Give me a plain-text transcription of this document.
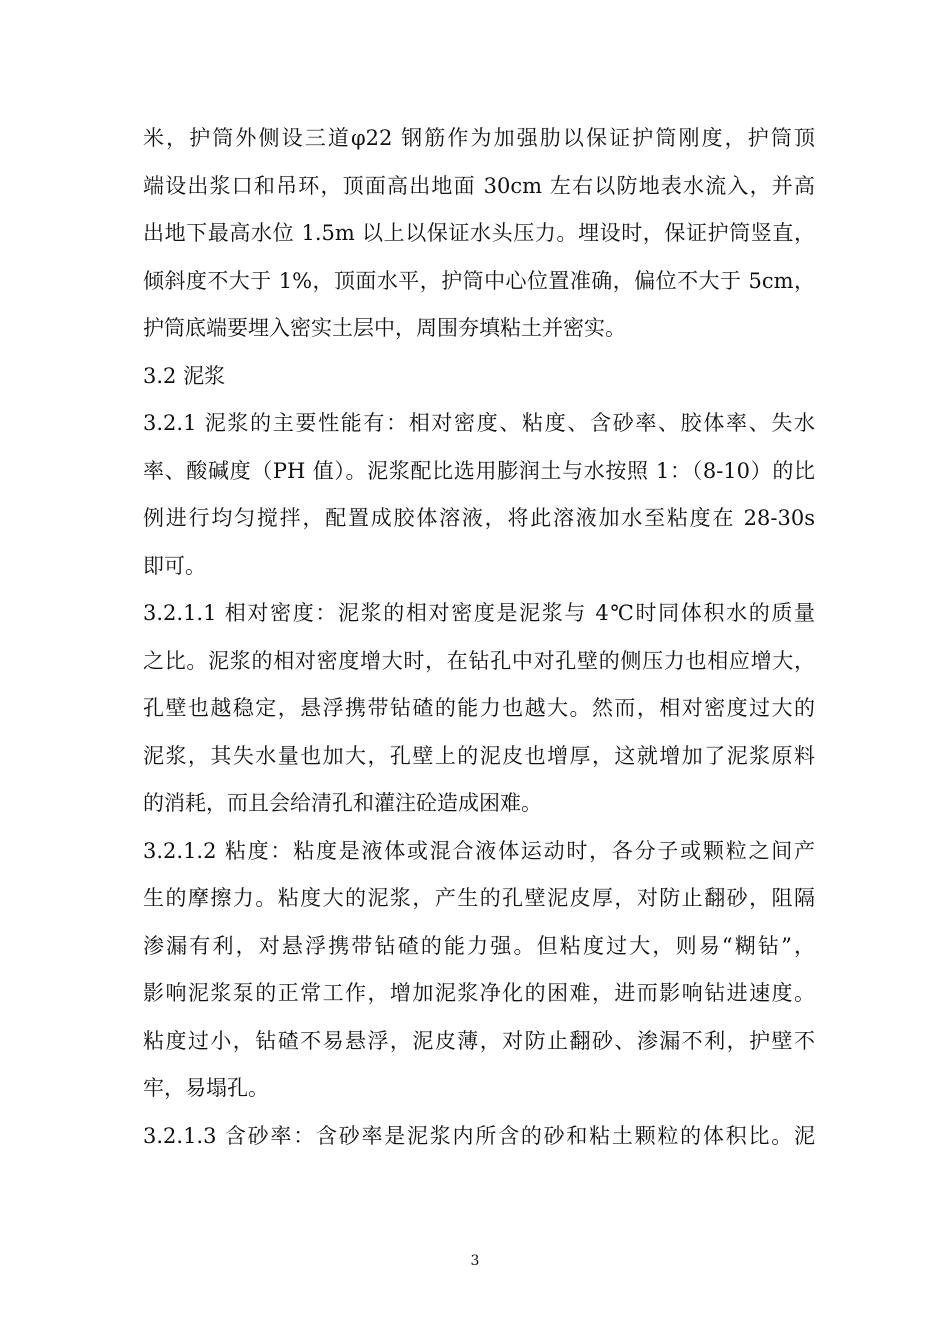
米，护筒外侧设三道φ22 钢筋作为加强肋以保证护筒刚度，护筒顶
端设出浆口和吊环，顶面高出地面 30cm 左右以防地表水流入，并高
出地下最高水位 1.5m 以上以保证水头压力。埋设时，保证护筒竖直，
倾斜度不大于 1%，顶面水平，护筒中心位置准确，偏位不大于 5cm，
护筒底端要埋入密实土层中，周围夯填粘土并密实。
3.2 泥浆
3.2.1 泥浆的主要性能有：相对密度、粘度、含砂率、胶体率、失水
率、酸碱度（PH 值）。泥浆配比选用膨润土与水按照 1：（8-10）的比
例进行均匀搅拌，配置成胶体溶液，将此溶液加水至粘度在 28-30s
即可。
3.2.1.1 相对密度：泥浆的相对密度是泥浆与 4℃时同体积水的质量
之比。泥浆的相对密度增大时，在钻孔中对孔壁的侧压力也相应增大，
孔壁也越稳定，悬浮携带钻碴的能力也越大。然而，相对密度过大的
泥浆，其失水量也加大，孔壁上的泥皮也增厚，这就增加了泥浆原料
的消耗，而且会给清孔和灌注砼造成困难。
3.2.1.2 粘度：粘度是液体或混合液体运动时，各分子或颗粒之间产
生的摩擦力。粘度大的泥浆，产生的孔壁泥皮厚，对防止翻砂，阻隔
渗漏有利，对悬浮携带钻碴的能力强。但粘度过大，则易“糊钻”，
影响泥浆泵的正常工作，增加泥浆净化的困难，进而影响钻进速度。
粘度过小，钻碴不易悬浮，泥皮薄，对防止翻砂、渗漏不利，护壁不
牢，易塌孔。
3.2.1.3 含砂率：含砂率是泥浆内所含的砂和粘土颗粒的体积比。泥
3
